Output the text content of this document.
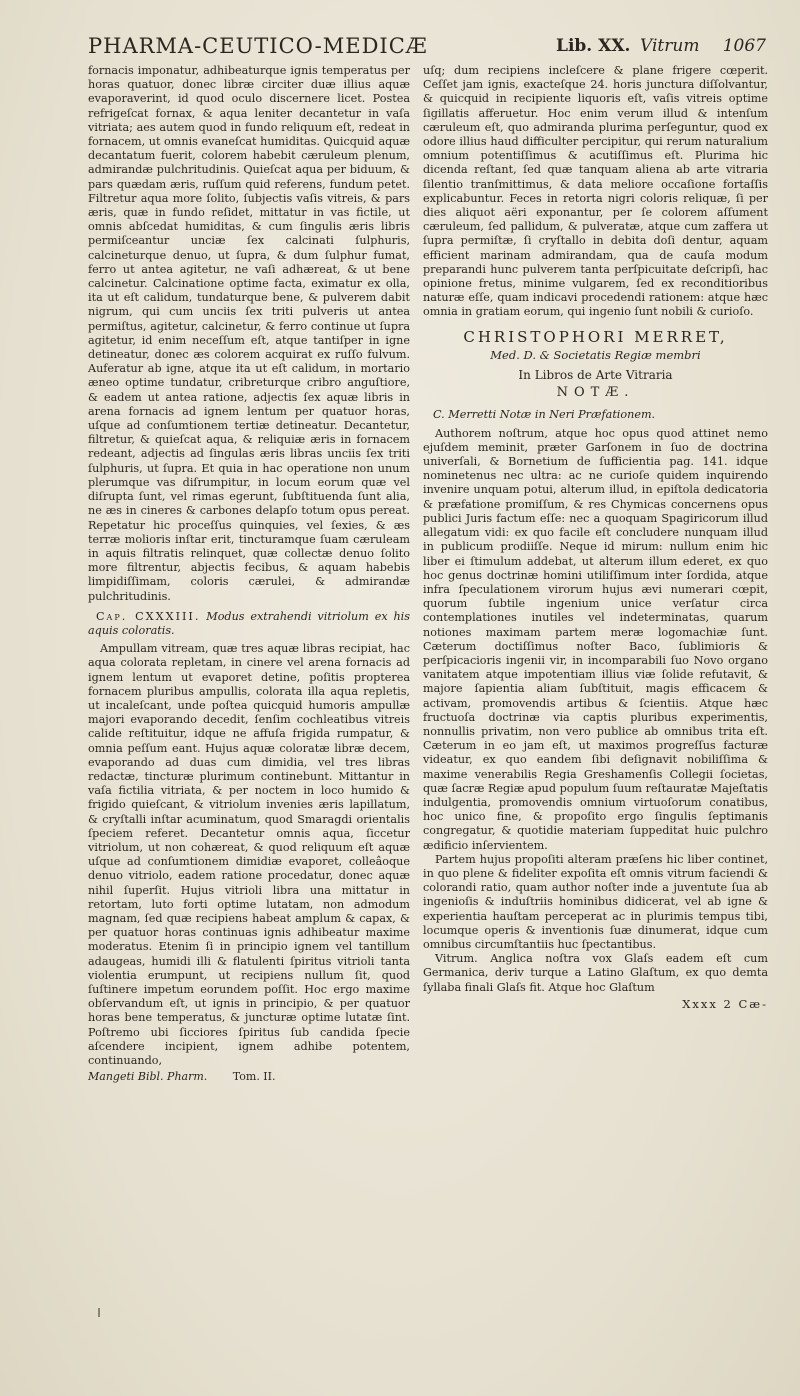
PHARMA-CEUTICO-MEDICÆ	Lib. XX. Vitrum 1067

fornacis imponatur, adhibeaturque ignis temperatus per horas quatuor, donec libræ circiter duæ illius aquæ evaporaverint, id quod oculo discernere licet. Postea refrigeſcat fornax, & aqua leniter decantetur in vaſa vitriata; aes autem quod in fundo reliquum eſt, redeat in fornacem, ut omnis evaneſcat humiditas. Quicquid aquæ decantatum fuerit, colorem habebit cæruleum plenum, admirandæ pulchritudinis. Quieſcat aqua per biduum, & pars quædam æris, ruſſum quid referens, fundum petet. Filtretur aqua more ſolito, ſubjectis vaſis vitreis, & pars æris, quæ in fundo reſidet, mittatur in vas fictile, ut omnis abſcedat humiditas, & cum ſingulis æris libris permiſceantur unciæ ſex calcinati ſulphuris, calcineturque denuo, ut ſupra, & dum ſulphur fumat, ferro ut antea agitetur, ne vaſi adhæreat, & ut bene calcinetur. Calcinatione optime facta, eximatur ex olla, ita ut eſt calidum, tundaturque bene, & pulverem dabit nigrum, qui cum unciis ſex triti pulveris ut antea permiſtus, agitetur, calcinetur, & ferro continue ut ſupra agitetur, id enim neceſſum eſt, atque tantiſper in igne detineatur, donec æs colorem acquirat ex ruſſo fulvum. Auferatur ab igne, atque ita ut eſt calidum, in mortario æneo optime tundatur, cribreturque cribro anguſtiore, & eadem ut antea ratione, adjectis ſex aquæ libris in arena fornacis ad ignem lentum per quatuor horas, uſque ad conſumtionem tertiæ detineatur. Decantetur, filtretur, & quieſcat aqua, & reliquiæ æris in fornacem redeant, adjectis ad ſingulas æris libras unciis ſex triti ſulphuris, ut ſupra. Et quia in hac operatione non unum plerumque vas diſrumpitur, in locum eorum quæ vel diſrupta ſunt, vel rimas egerunt, ſubſtituenda ſunt alia, ne æs in cineres & carbones delapſo totum opus pereat. Repetatur hic proceſſus quinquies, vel ſexies, & æs terræ molioris inſtar erit, tincturamque ſuam cæruleam in aquis filtratis relinquet, quæ collectæ denuo ſolito more filtrentur, abjectis fecibus, & aquam habebis limpidiſſimam, coloris cærulei, & admirandæ pulchritudinis.

Cap. CXXXIII. Modus extrahendi vitriolum ex his aquis coloratis.

Ampullam vitream, quæ tres aquæ libras recipiat, hac aqua colorata repletam, in cinere vel arena fornacis ad ignem lentum ut evaporet detine, poſitis propterea fornacem pluribus ampullis, colorata illa aqua repletis, ut incaleſcant, unde poſtea quicquid humoris ampullæ majori evaporando decedit, ſenſim cochleatibus vitreis calide reſtituitur, idque ne affuſa frigida rumpatur, & omnia peſſum eant. Hujus aquæ coloratæ libræ decem, evaporando ad duas cum dimidia, vel tres libras redactæ, tincturæ plurimum continebunt. Mittantur in vaſa fictilia vitriata, & per noctem in loco humido & frigido quieſcant, & vitriolum invenies æris lapillatum, & cryſtalli inſtar acuminatum, quod Smaragdi orientalis ſpeciem referet. Decantetur omnis aqua, ſiccetur vitriolum, ut non cohæreat, & quod reliquum eſt aquæ uſque ad conſumtionem dimidiæ evaporet, colleâoque denuo vitriolo, eadem ratione procedatur, donec aquæ nihil ſuperſit. Hujus vitrioli libra una mittatur in retortam, luto forti optime lutatam, non admodum magnam, ſed quæ recipiens habeat amplum & capax, & per quatuor horas continuas ignis adhibeatur maxime moderatus. Etenim ſi in principio ignem vel tantillum adaugeas, humidi illi & flatulenti ſpiritus vitrioli tanta violentia erumpunt, ut recipiens nullum ſit, quod ſuſtinere impetum eorundem poſſit. Hoc ergo maxime obſervandum eſt, ut ignis in principio, & per quatuor horas bene temperatus, & juncturæ optime lutatæ ſint. Poſtremo ubi ſicciores ſpiritus ſub candida ſpecie aſcendere incipient, ignem adhibe potentem, continuando,

Mangeti Bibl. Pharm. Tom. II.

uſq; dum recipiens incleſcere & plane frigere cœperit. Ceſſet jam ignis, exacteſque 24. horis junctura diſſolvantur, & quicquid in recipiente liquoris eſt, vaſis vitreis optime ſigillatis afferuetur. Hoc enim verum illud & intenſum cæruleum eſt, quo admiranda plurima perſeguntur, quod ex odore illius haud difficulter percipitur, qui rerum naturalium omnium potentiſſimus & acutiſſimus eſt. Plurima hic dicenda reſtant, ſed quæ tanquam aliena ab arte vitraria ſilentio tranſmittimus, & data meliore occaſione fortaſſis explicabuntur. Feces in retorta nigri coloris reliquæ, ſi per dies aliquot aëri exponantur, per ſe colorem aſſument cæruleum, ſed pallidum, & pulveratæ, atque cum zaffera ut ſupra permiſtæ, ſi cryſtallo in debita doſi dentur, aquam efficient marinam admirandam, qua de cauſa modum preparandi hunc pulverem tanta perſpicuitate deſcripſi, hac opinione fretus, minime vulgarem, ſed ex reconditioribus naturæ eſſe, quam indicavi procedendi rationem: atque hæc omnia in gratiam eorum, qui ingenio ſunt nobili & curioſo.

CHRISTOPHORI MERRET,
Med. D. & Societatis Regiæ membri
In Libros de Arte Vitraria
NOTÆ.
C. Merretti Notæ in Neri Præfationem.

Authorem noſtrum, atque hoc opus quod attinet nemo ejuſdem meminit, præter Garſonem in ſuo de doctrina univerſali, & Bornetium de ſufficientia pag. 141. idque nominetenus nec ultra: ac ne curioſe quidem inquirendo invenire unquam potui, alterum illud, in epiſtola dedicatoria & præfatione promiſſum, & res Chymicas concernens opus publici Juris factum eſſe: nec a quoquam Spagiricorum illud allegatum vidi: ex quo facile eſt concludere nunquam illud in publicum prodiiſſe. Neque id mirum: nullum enim hic liber ei ſtimulum addebat, ut alterum illum ederet, ex quo hoc genus doctrinæ homini utiliſſimum inter ſordida, atque infra ſpeculationem virorum hujus ævi numerari cœpit, quorum ſubtile ingenium unice verſatur circa contemplationes inutiles vel indeterminatas, quarum notiones maximam partem meræ logomachiæ ſunt. Cæterum doctiſſimus noſter Baco, ſublimioris & perſpicacioris ingenii vir, in incomparabili ſuo Novo organo vanitatem atque impotentiam illius viæ ſolide refutavit, & majore ſapientia aliam ſubſtituit, magis efficacem & activam, promovendis artibus & ſcientiis. Atque hæc fructuoſa doctrinæ via captis pluribus experimentis, nonnullis privatim, non vero publice ab omnibus trita eſt. Cæterum in eo jam eſt, ut maximos progreſſus facturæ videatur, ex quo eandem ſibi deſignavit nobiliſſima & maxime venerabilis Regia Greshamenſis Collegii ſocietas, quæ ſacræ Regiæ apud populum ſuum reſtauratæ Majeſtatis indulgentia, promovendis omnium virtuoſorum conatibus, hoc unico fine, & propoſito ergo ſingulis ſeptimanis congregatur, & quotidie materiam ſuppeditat huic pulchro ædificio inſervientem.

Partem hujus propoſiti alteram præſens hic liber continet, in quo plene & fideliter expoſita eſt omnis vitrum faciendi & colorandi ratio, quam author noſter inde a juventute ſua ab ingenioſis & induſtriis hominibus didicerat, vel ab igne & experientia hauſtam perceperat ac in plurimis tempus tibi, locumque operis & inventionis ſuæ dinumerat, idque cum omnibus circumſtantiis huc ſpectantibus.

Vitrum. Anglica noſtra vox Glaſs eadem eſt cum Germanica, deriv turque a Latino Glaſtum, ex quo demta ſyllaba finali Glaſs fit. Atque hoc Glaſtum

Xxxx 2 Cæ-
